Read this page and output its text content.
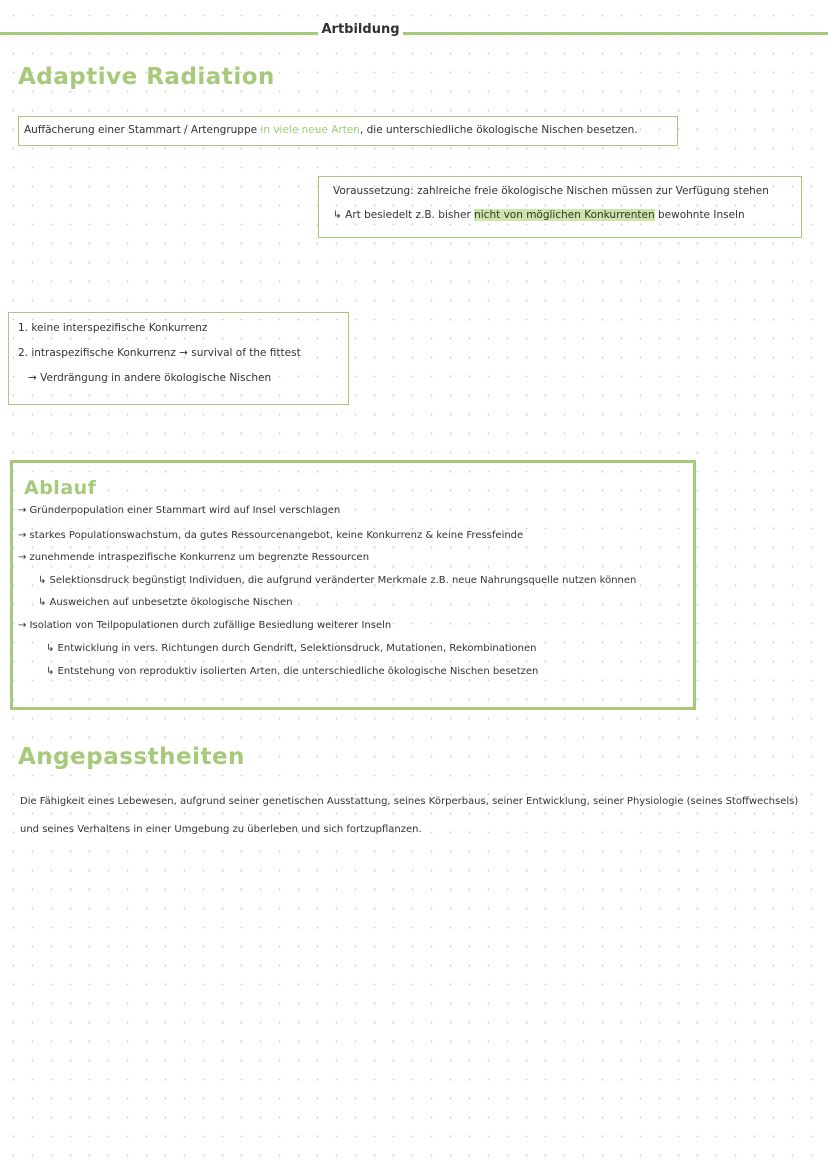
Artbildung
Adaptive Radiation
Auffächerung einer Stammart / Artengruppe in viele neue Arten, die unterschiedliche ökologische Nischen besetzen.
Voraussetzung: zahlreiche freie ökologische Nischen müssen zur Verfügung stehen
↳ Art besiedelt z.B. bisher nicht von möglichen Konkurrenten bewohnte Inseln
1. keine interspezifische Konkurrenz
2. intraspezifische Konkurrenz → survival of the fittest
→ Verdrängung in andere ökologische Nischen
Ablauf
→ Gründerpopulation einer Stammart wird auf Insel verschlagen
→ starkes Populationswachstum, da gutes Ressourcenangebot, keine Konkurrenz & keine Fressfeinde
→ zunehmende intraspezifische Konkurrenz um begrenzte Ressourcen
↳ Selektionsdruck begünstigt Individuen, die aufgrund veränderter Merkmale z.B. neue Nahrungsquelle nutzen können
↳ Ausweichen auf unbesetzte ökologische Nischen
→ Isolation von Teilpopulationen durch zufällige Besiedlung weiterer Inseln
↳ Entwicklung in vers. Richtungen durch Gendrift, Selektionsdruck, Mutationen, Rekombinationen
↳ Entstehung von reproduktiv isolierten Arten, die unterschiedliche ökologische Nischen besetzen
Angepasstheiten
Die Fähigkeit eines Lebewesen, aufgrund seiner genetischen Ausstattung, seines Körperbaus, seiner Entwicklung, seiner Physiologie (seines Stoffwechsels)
und seines Verhaltens in einer Umgebung zu überleben und sich fortzupflanzen.
